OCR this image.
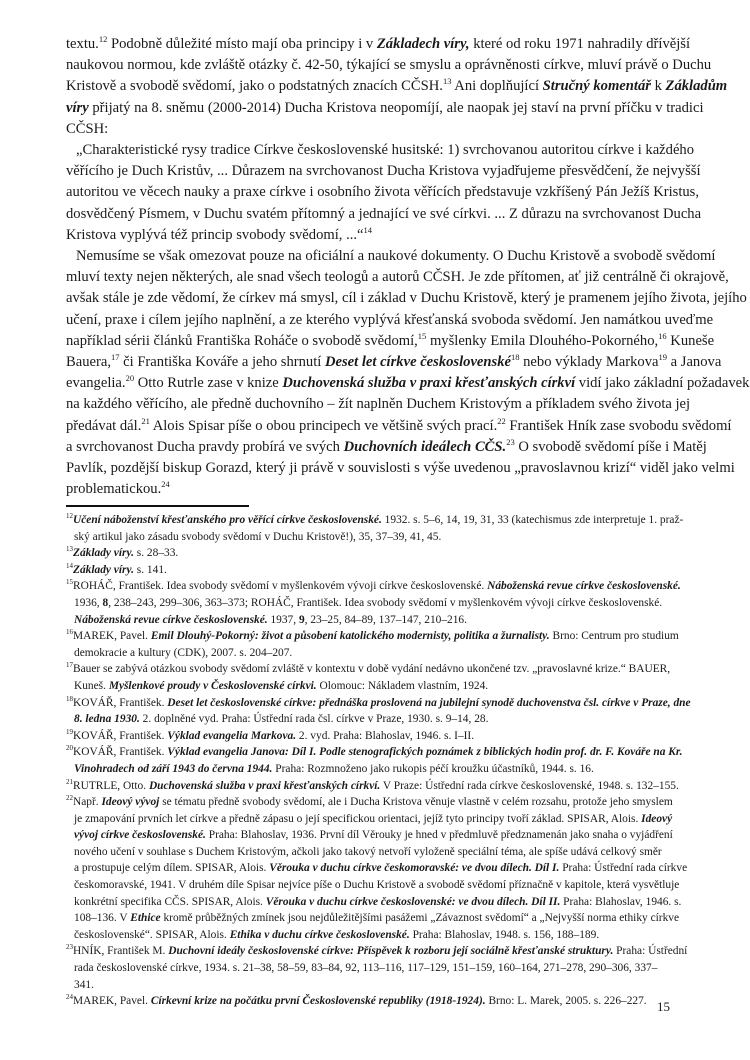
textu.$^{12}$ Podobně důležité místo mají oba principy i v Základech víry, které od roku 1971 nahradily dřívější
naukovou normou, kde zvláště otázky č. 42-50, týkající se smyslu a oprávněnosti církve, mluví právě o Duchu
Kristově a svobodě svědomí, jako o podstatných znacích CČSH.$^{13}$ Ani doplňující Stručný komentář k Základům
víry přijatý na 8. sněmu (2000-2014) Ducha Kristova neopomíjí, ale naopak jej staví na první příčku v tradici
CČSH:

„Charakteristické rysy tradice Církve československé husitské: 1) svrchovanou autoritou církve i každého
věřícího je Duch Kristův, ... Důrazem na svrchovanost Ducha Kristova vyjadřujeme přesvědčení, že nejvyšší
autoritou ve věcech nauky a praxe církve i osobního života věřících představuje vzkříšený Pán Ježíš Kristus,
dosvědčený Písmem, v Duchu svatém přítomný a jednající ve své církvi. ... Z důrazu na svrchovanost Ducha
Kristova vyplývá též princip svobody svědomí, ...“$^{14}$

Nemusíme se však omezovat pouze na oficiální a naukové dokumenty. O Duchu Kristově a svobodě svědomí
mluví texty nejen některých, ale snad všech teologů a autorů CČSH. Je zde přítomen, ať již centrálně či okrajově,
avšak stále je zde vědomí, že církev má smysl, cíl i základ v Duchu Kristově, který je pramenem jejího života, jejího
učení, praxe i cílem jejího naplnění, a ze kterého vyplývá křesťanská svoboda svědomí. Jen namátkou uveďme
například sérii článků Františka Roháče o svobodě svědomí,$^{15}$ myšlenky Emila Dlouhého-Pokorného,$^{16}$ Kuneše
Bauera,$^{17}$ či Františka Kováře a jeho shrnutí Deset let církve československé$^{18}$ nebo výklady Markova$^{19}$ a Janova
evangelia.$^{20}$ Otto Rutrle zase v knize Duchovenská služba v praxi křesťanských církví vidí jako základní požadavek
na každého věřícího, ale předně duchovního – žít naplněn Duchem Kristovým a příkladem svého života jej
předávat dál.$^{21}$ Alois Spisar píše o obou principech ve většině svých prací.$^{22}$ František Hník zase svobodu svědomí
a svrchovanost Ducha pravdy probírá ve svých Duchovních ideálech CČS.$^{23}$ O svobodě svědomí píše i Matěj
Pavlík, pozdější biskup Gorazd, který ji právě v souvislosti s výše uvedenou „pravoslavnou krizí“ viděl jako velmi
problematickou.$^{24}$

$^{12}$Učení náboženství křesťanského pro věřící církve československé. 1932. s. 5–6, 14, 19, 31, 33 (katechismus zde interpretuje 1. praž-
ský artikul jako zásadu svobody svědomí v Duchu Kristově!), 35, 37–39, 41, 45.
$^{13}$Základy víry. s. 28–33.
$^{14}$Základy víry. s. 141.
$^{15}$ROHÁČ, František. Idea svobody svědomí v myšlenkovém vývoji církve československé. Náboženská revue církve československé.
1936, 8, 238–243, 299–306, 363–373; ROHÁČ, František. Idea svobody svědomí v myšlenkovém vývoji církve československé.
Náboženská revue církve československé. 1937, 9, 23–25, 84–89, 137–147, 210–216.
$^{16}$MAREK, Pavel. Emil Dlouhý-Pokorný: život a působení katolického modernisty, politika a žurnalisty. Brno: Centrum pro studium
demokracie a kultury (CDK), 2007. s. 204–207.
$^{17}$Bauer se zabývá otázkou svobody svědomí zvláště v kontextu v době vydání nedávno ukončené tzv. „pravoslavné krize.“ BAUER,
Kuneš. Myšlenkové proudy v Československé církvi. Olomouc: Nákladem vlastním, 1924.
$^{18}$KOVÁŘ, František. Deset let československé církve: přednáška proslovená na jubilejní synodě duchovenstva čsl. církve v Praze, dne
8. ledna 1930. 2. doplněné vyd. Praha: Ústřední rada čsl. církve v Praze, 1930. s. 9–14, 28.
$^{19}$KOVÁŘ, František. Výklad evangelia Markova. 2. vyd. Praha: Blahoslav, 1946. s. I–II.
$^{20}$KOVÁŘ, František. Výklad evangelia Janova: Díl I. Podle stenografických poznámek z biblických hodin prof. dr. F. Kováře na Kr.
Vinohradech od září 1943 do června 1944. Praha: Rozmnoženo jako rukopis péčí kroužku účastníků, 1944. s. 16.
$^{21}$RUTRLE, Otto. Duchovenská služba v praxi křesťanských církví. V Praze: Ústřední rada církve československé, 1948. s. 132–155.
$^{22}$Např. Ideový vývoj se tématu předně svobody svědomí, ale i Ducha Kristova věnuje vlastně v celém rozsahu, protože jeho smyslem
je zmapování prvních let církve a předně zápasu o její specifickou orientaci, jejíž tyto principy tvoří základ. SPISAR, Alois. Ideový
vývoj církve československé. Praha: Blahoslav, 1936. První díl Věrouky je hned v předmluvě předznamenán jako snaha o vyjádření
nového učení v souhlase s Duchem Kristovým, ačkoli jako takový netvoří vyloženě speciální téma, ale spíše udává celkový směr
a prostupuje celým dílem. SPISAR, Alois. Věrouka v duchu církve českomoravské: ve dvou dílech. Díl I. Praha: Ústřední rada církve
českomoravské, 1941. V druhém díle Spisar nejvíce píše o Duchu Kristově a svobodě svědomí příznačně v kapitole, která vysvětluje
konkrétní specifika CČS. SPISAR, Alois. Věrouka v duchu církve československé: ve dvou dílech. Díl II. Praha: Blahoslav, 1946. s.
108–136. V Ethice kromě průběžných zmínek jsou nejdůležitějšími pasážemi „Závaznost svědomí“ a „Nejvyšší norma ethiky církve
československé“. SPISAR, Alois. Ethika v duchu církve československé. Praha: Blahoslav, 1948. s. 156, 188–189.
$^{23}$HNÍK, František M. Duchovní ideály československé církve: Příspěvek k rozboru její sociálně křesťanské struktury. Praha: Ústřední
rada československé církve, 1934. s. 21–38, 58–59, 83–84, 92, 113–116, 117–129, 151–159, 160–164, 271–278, 290–306, 337–
341.
$^{24}$MAREK, Pavel. Církevní krize na počátku první Československé republiky (1918-1924). Brno: L. Marek, 2005. s. 226–227. 15
